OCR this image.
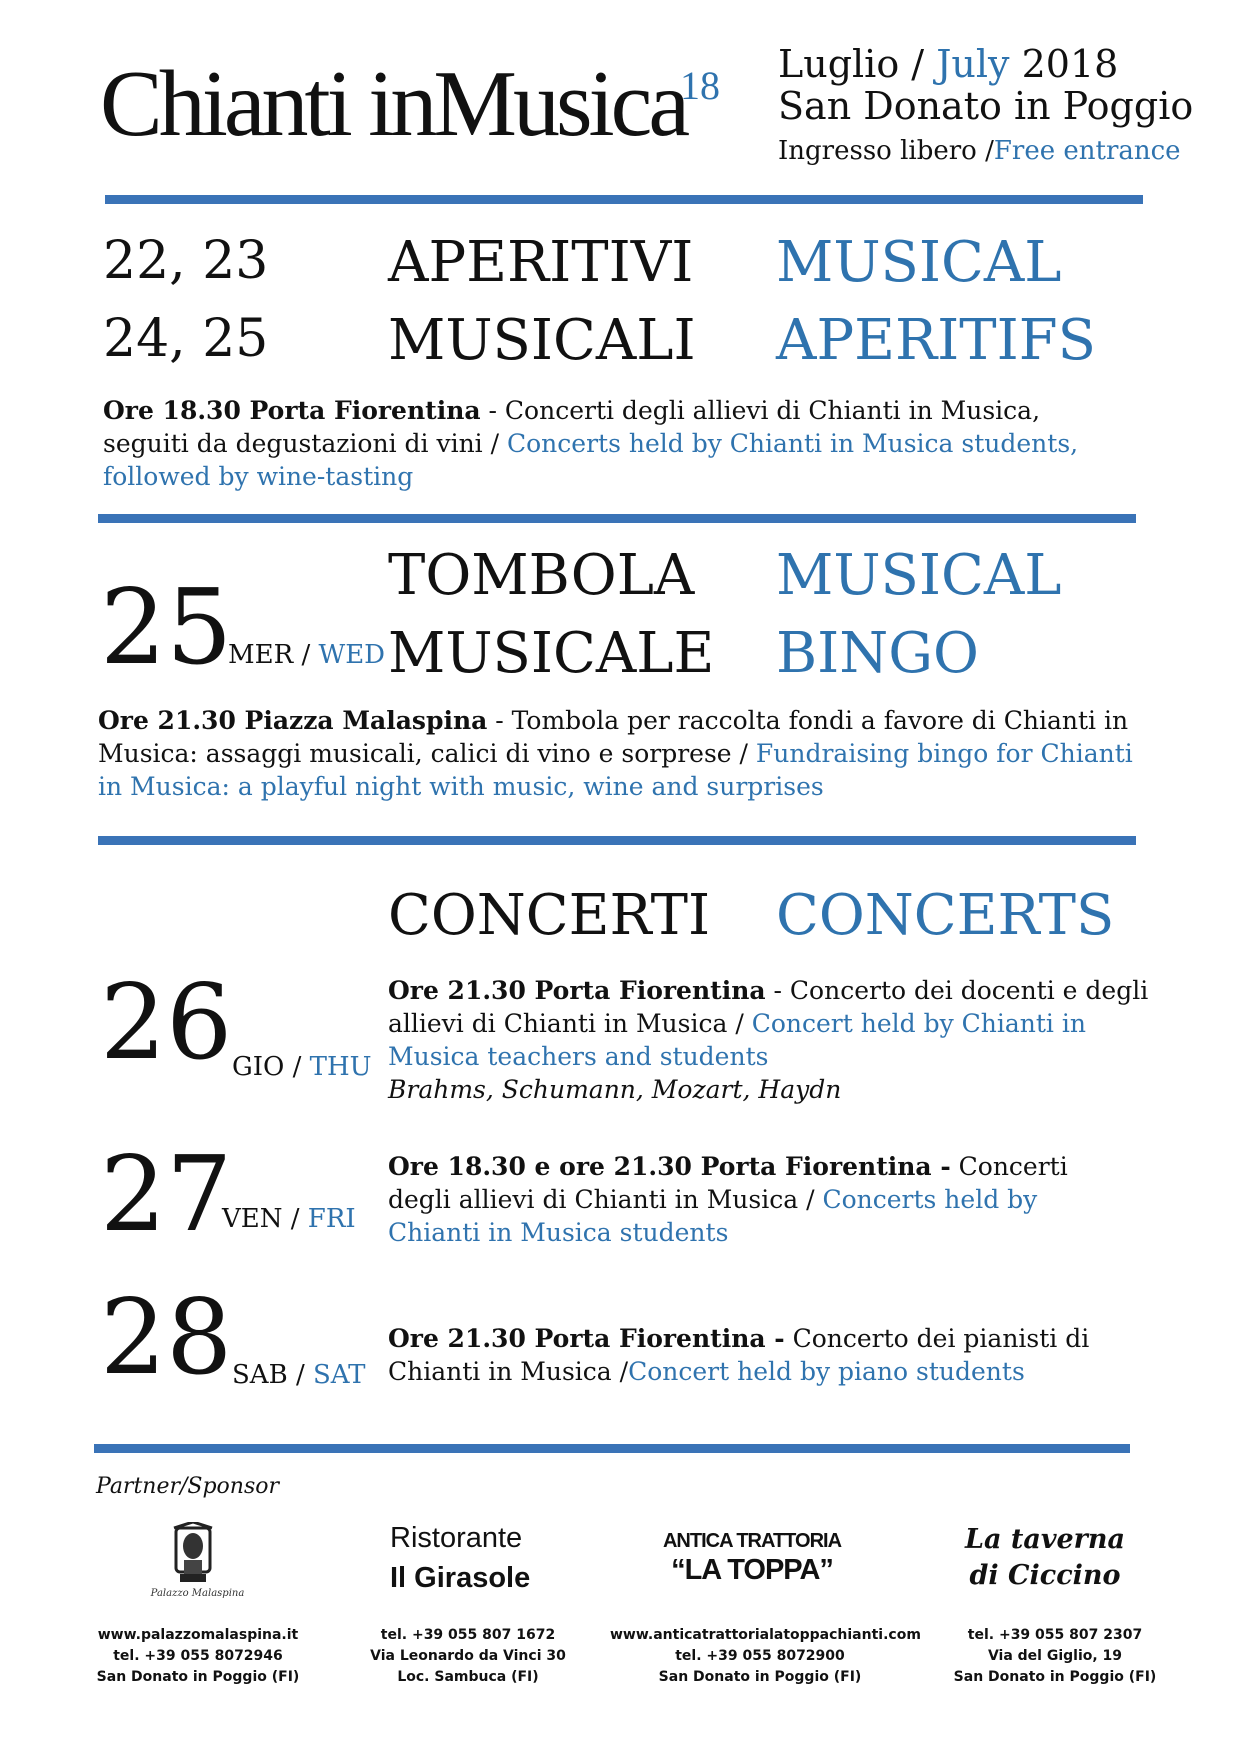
Chianti inMusica
18 Luglio / July 2018
San Donato in Poggio
Ingresso libero /Free entrance
22, 23
24, 25
APERITIVI
MUSICALI
MUSICAL
APERITIFS
Ore 18.30 Porta Fiorentina - Concerti degli allievi di Chianti in Musica,
seguiti da degustazioni di vini / Concerts held by Chianti in Musica students,
followed by wine-tasting
25
MER / WED
TOMBOLA
MUSICALE
MUSICAL
BINGO
Ore 21.30 Piazza Malaspina - Tombola per raccolta fondi a favore di Chianti in
Musica: assaggi musicali, calici di vino e sorprese / Fundraising bingo for Chianti
in Musica: a playful night with music, wine and surprises
CONCERTI CONCERTS
26 GIO / THU
Ore 21.30 Porta Fiorentina - Concerto dei docenti e degli
allievi di Chianti in Musica / Concert held by Chianti in
Musica teachers and students
Brahms, Schumann, Mozart, Haydn
27
VEN / FRI
Ore 18.30 e ore 21.30 Porta Fiorentina - Concerti
degli allievi di Chianti in Musica / Concerts held by
Chianti in Musica students
28 SAB / SAT
Ore 21.30 Porta Fiorentina - Concerto dei pianisti di
Chianti in Musica /Concert held by piano students
Partner/Sponsor
Palazzo Malaspina
Ristorante
Il Girasole
ANTICA TRATTORIA
“LA TOPPA”
La taverna
di Ciccino
www.palazzomalaspina.it
tel. +39 055 8072946
San Donato in Poggio (FI)
tel. +39 055 807 1672
Via Leonardo da Vinci 30
Loc. Sambuca (FI)
www.anticatrattorialatoppachianti.com
tel. +39 055 8072900
San Donato in Poggio (FI)
tel. +39 055 807 2307
Via del Giglio, 19
San Donato in Poggio (FI)
